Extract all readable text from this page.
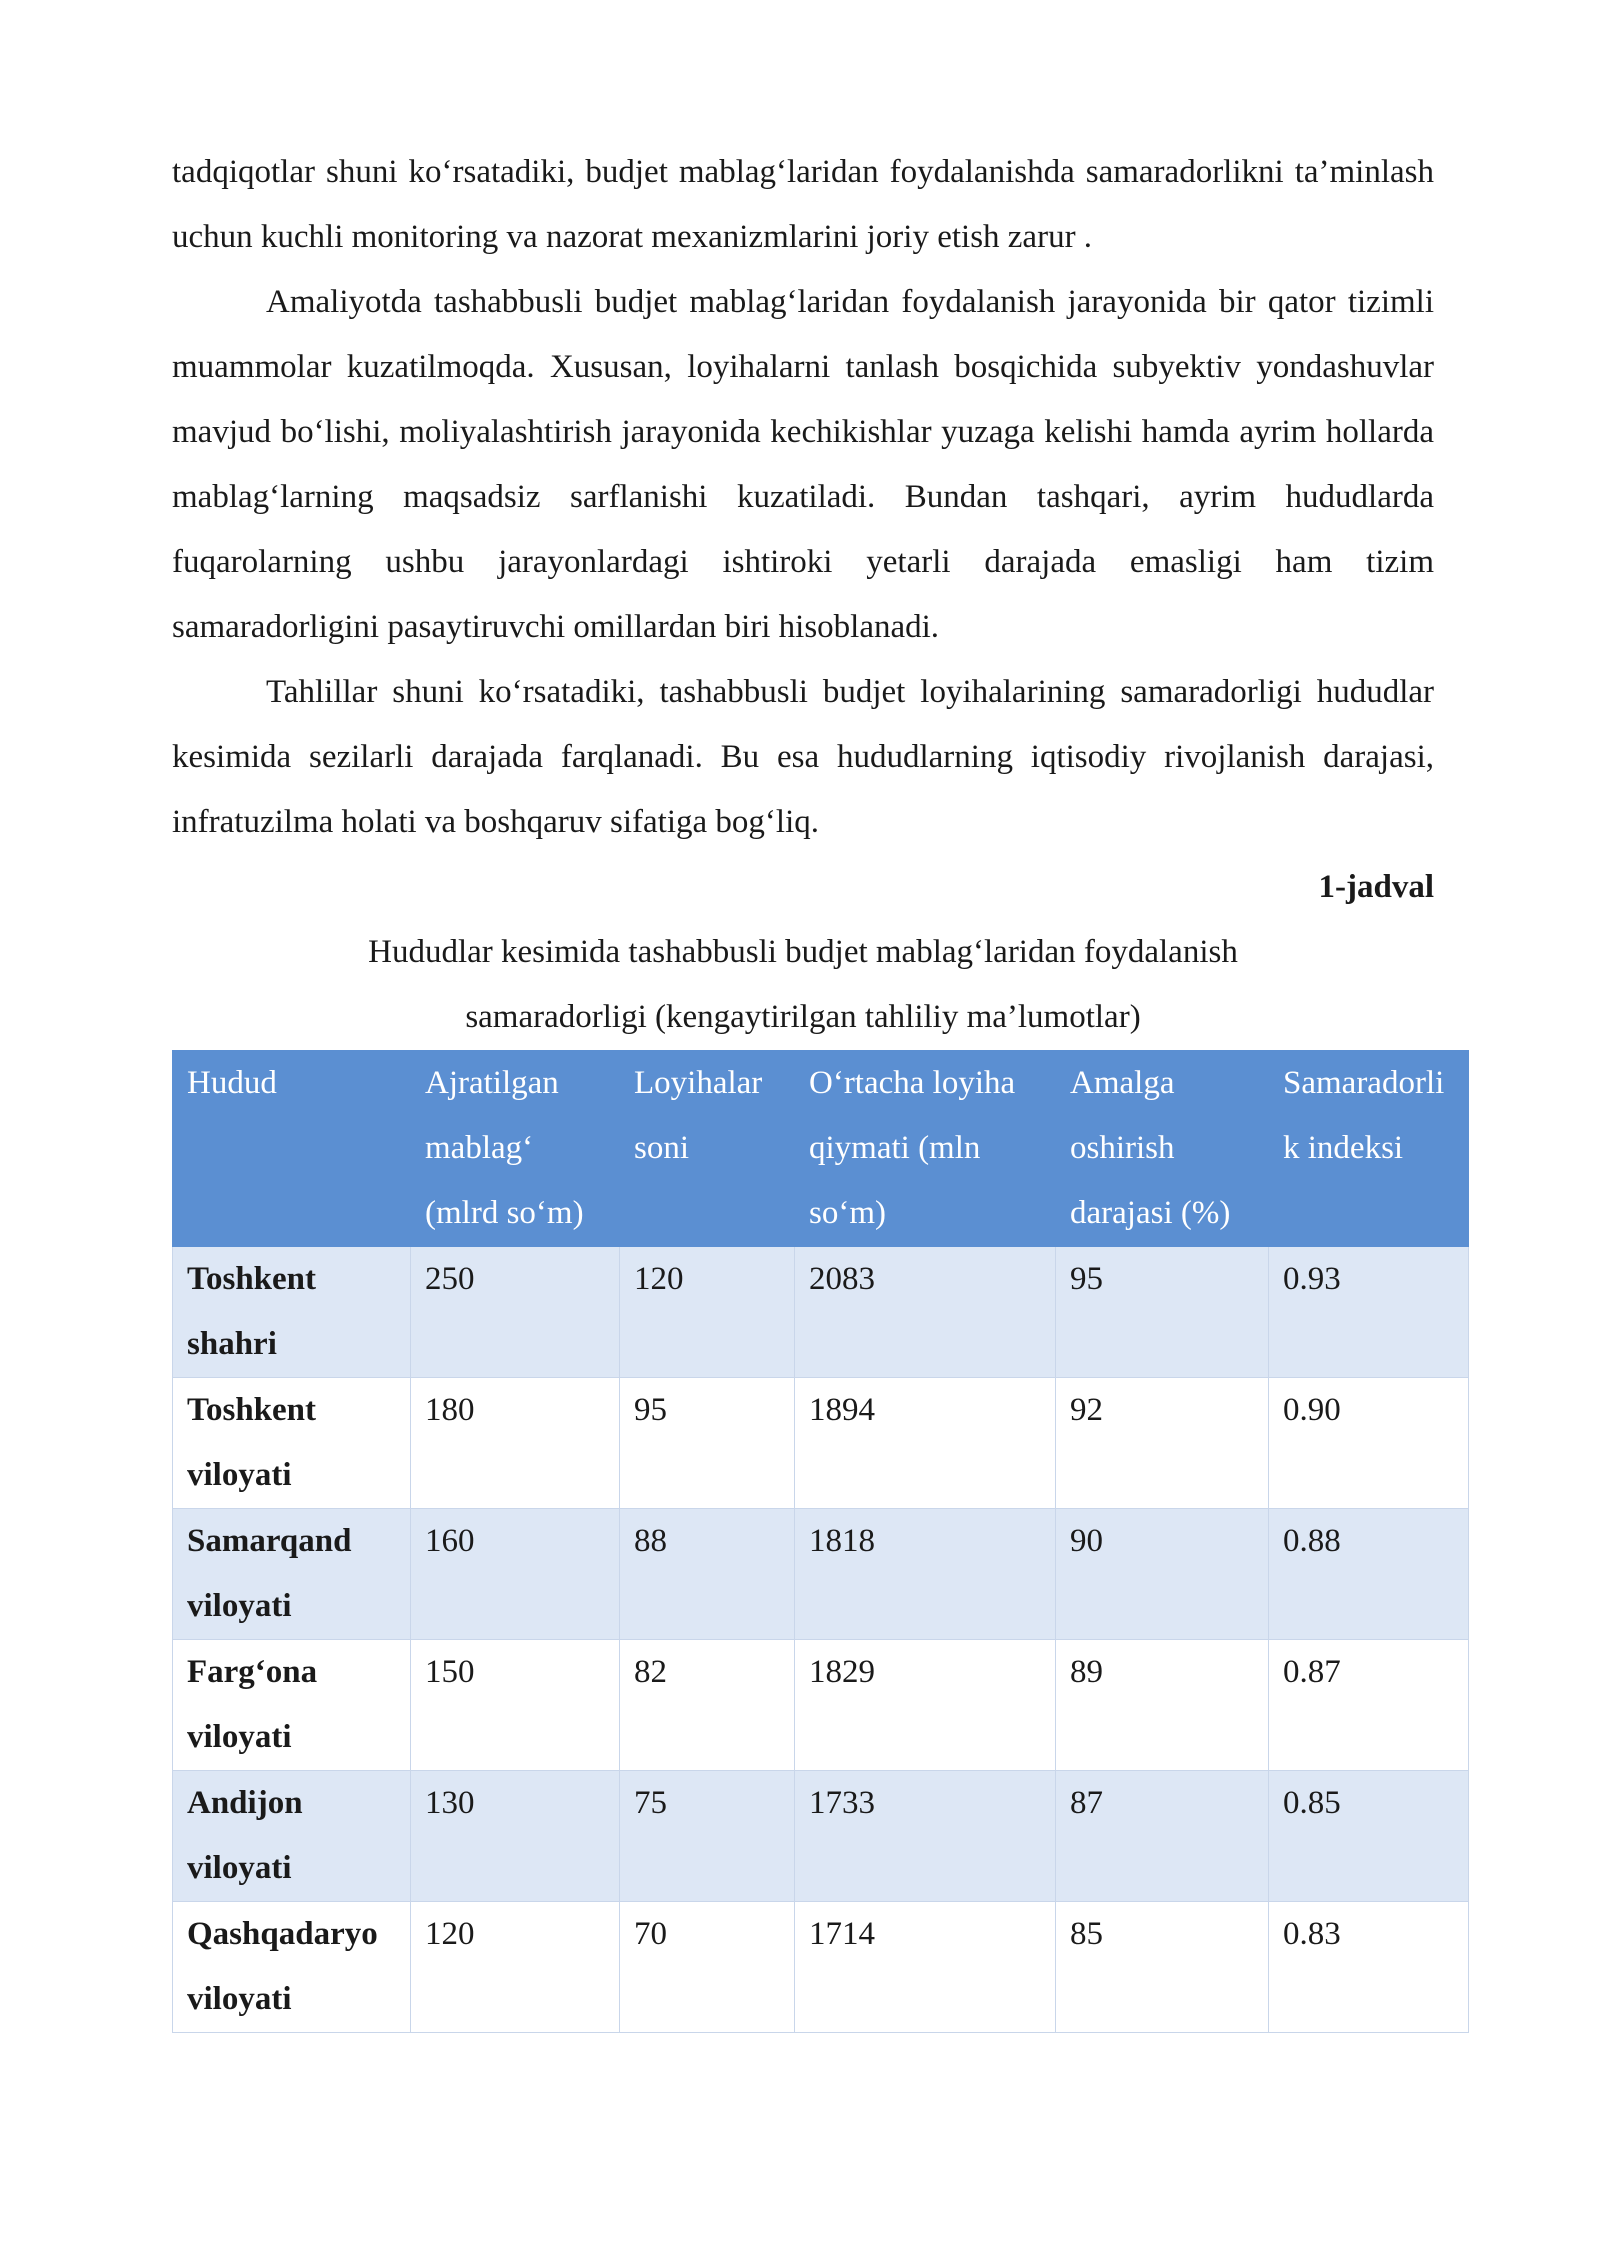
tadqiqotlar shuni ko‘rsatadiki, budjet mablag‘laridan foydalanishda samaradorlikni ta’minlash uchun kuchli monitoring va nazorat mexanizmlarini joriy etish zarur .

Amaliyotda tashabbusli budjet mablag‘laridan foydalanish jarayonida bir qator tizimli muammolar kuzatilmoqda. Xususan, loyihalarni tanlash bosqichida subyektiv yondashuvlar mavjud bo‘lishi, moliyalashtirish jarayonida kechikishlar yuzaga kelishi hamda ayrim hollarda mablag‘larning maqsadsiz sarflanishi kuzatiladi. Bundan tashqari, ayrim hududlarda fuqarolarning ushbu jarayonlardagi ishtiroki yetarli darajada emasligi ham tizim samaradorligini pasaytiruvchi omillardan biri hisoblanadi.

Tahlillar shuni ko‘rsatadiki, tashabbusli budjet loyihalarining samaradorligi hududlar kesimida sezilarli darajada farqlanadi. Bu esa hududlarning iqtisodiy rivojlanish darajasi, infratuzilma holati va boshqaruv sifatiga bog‘liq.

1-jadval

Hududlar kesimida tashabbusli budjet mablag‘laridan foydalanish
samaradorligi (kengaytirilgan tahliliy ma’lumotlar)

Hudud	Ajratilgan mablag‘ (mlrd so‘m)	Loyihalar soni	O‘rtacha loyiha qiymati (mln so‘m)	Amalga oshirish darajasi (%)	Samaradorlik indeksi
Toshkent shahri	250	120	2083	95	0.93
Toshkent viloyati	180	95	1894	92	0.90
Samarqand viloyati	160	88	1818	90	0.88
Farg‘ona viloyati	150	82	1829	89	0.87
Andijon viloyati	130	75	1733	87	0.85
Qashqadaryo viloyati	120	70	1714	85	0.83
